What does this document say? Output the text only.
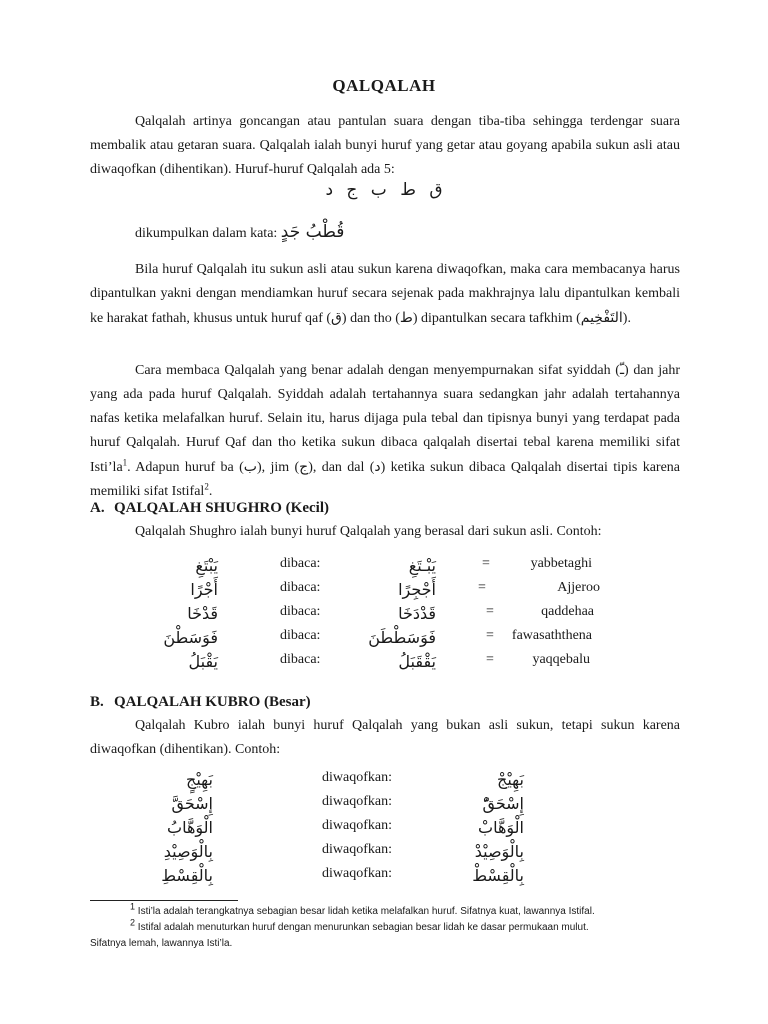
QALQALAH
Qalqalah artinya goncangan atau pantulan suara dengan tiba-tiba sehingga terdengar suara membalik atau getaran suara. Qalqalah ialah bunyi huruf yang getar atau goyang apabila sukun asli atau diwaqofkan (dihentikan). Huruf-huruf Qalqalah ada 5:
ق ط ب ج د
dikumpulkan dalam kata: قُطْبُ جَدٍ
Bila huruf Qalqalah itu sukun asli atau sukun karena diwaqofkan, maka cara membacanya harus dipantulkan yakni dengan mendiamkan huruf secara sejenak pada makhrajnya lalu dipantulkan kembali ke harakat fathah, khusus untuk huruf qaf (ق) dan tho (ط) dipantulkan secara tafkhim (التَفْخِيم).
Cara membaca Qalqalah yang benar adalah dengan menyempurnakan sifat syiddah (ـّ) dan jahr yang ada pada huruf Qalqalah. Syiddah adalah tertahannya suara sedangkan jahr adalah tertahannya nafas ketika melafalkan huruf. Selain itu, harus dijaga pula tebal dan tipisnya bunyi yang terdapat pada huruf Qalqalah. Huruf Qaf dan tho ketika sukun dibaca qalqalah disertai tebal karena memiliki sifat $Isti’la^1$. Adapun huruf ba (ب), jim (ج), dan dal (د) ketika sukun dibaca Qalqalah disertai tipis karena memiliki sifat Istifal$^2$.
A. QALQALAH SHUGHRO (Kecil)
Qalqalah Shughro ialah bunyi huruf Qalqalah yang berasal dari sukun asli. Contoh:
يَبْتَغِ	dibaca:	يَبْـتَغِ	=	yabbetaghi
أَجْرًا	dibaca:	أَجْجِرًا	=	Ajjeroo
قَدْخَا	dibaca:	قَدْدَخَا	=	qaddehaa
فَوَسَطْنَ	dibaca:	فَوَسَطْطَنَ	=	fawasaththena
يَقْبَلُ	dibaca:	يَقْقَبَلُ	=	yaqqebalu
B. QALQALAH KUBRO (Besar)
Qalqalah Kubro ialah bunyi huruf Qalqalah yang bukan asli sukun, tetapi sukun karena diwaqofkan (dihentikan). Contoh:
بَهِيْجٍ	diwaqofkan:	بَهِيْجْ
إِسْحَقَّ	diwaqofkan:	إِسْحَقّْ
الْوَهَّابُ	diwaqofkan:	الْوَهَّابْ
بِالْوَصِيْدِ	diwaqofkan:	بِالْوَصِيْدْ
بِالْقِسْطِ	diwaqofkan:	بِالْقِسْطْ
$^1$ Isti’la adalah terangkatnya sebagian besar lidah ketika melafalkan huruf. Sifatnya kuat, lawannya Istifal.
$^2$ Istifal adalah menuturkan huruf dengan menurunkan sebagian besar lidah ke dasar permukaan mulut.
Sifatnya lemah, lawannya Isti’la.
